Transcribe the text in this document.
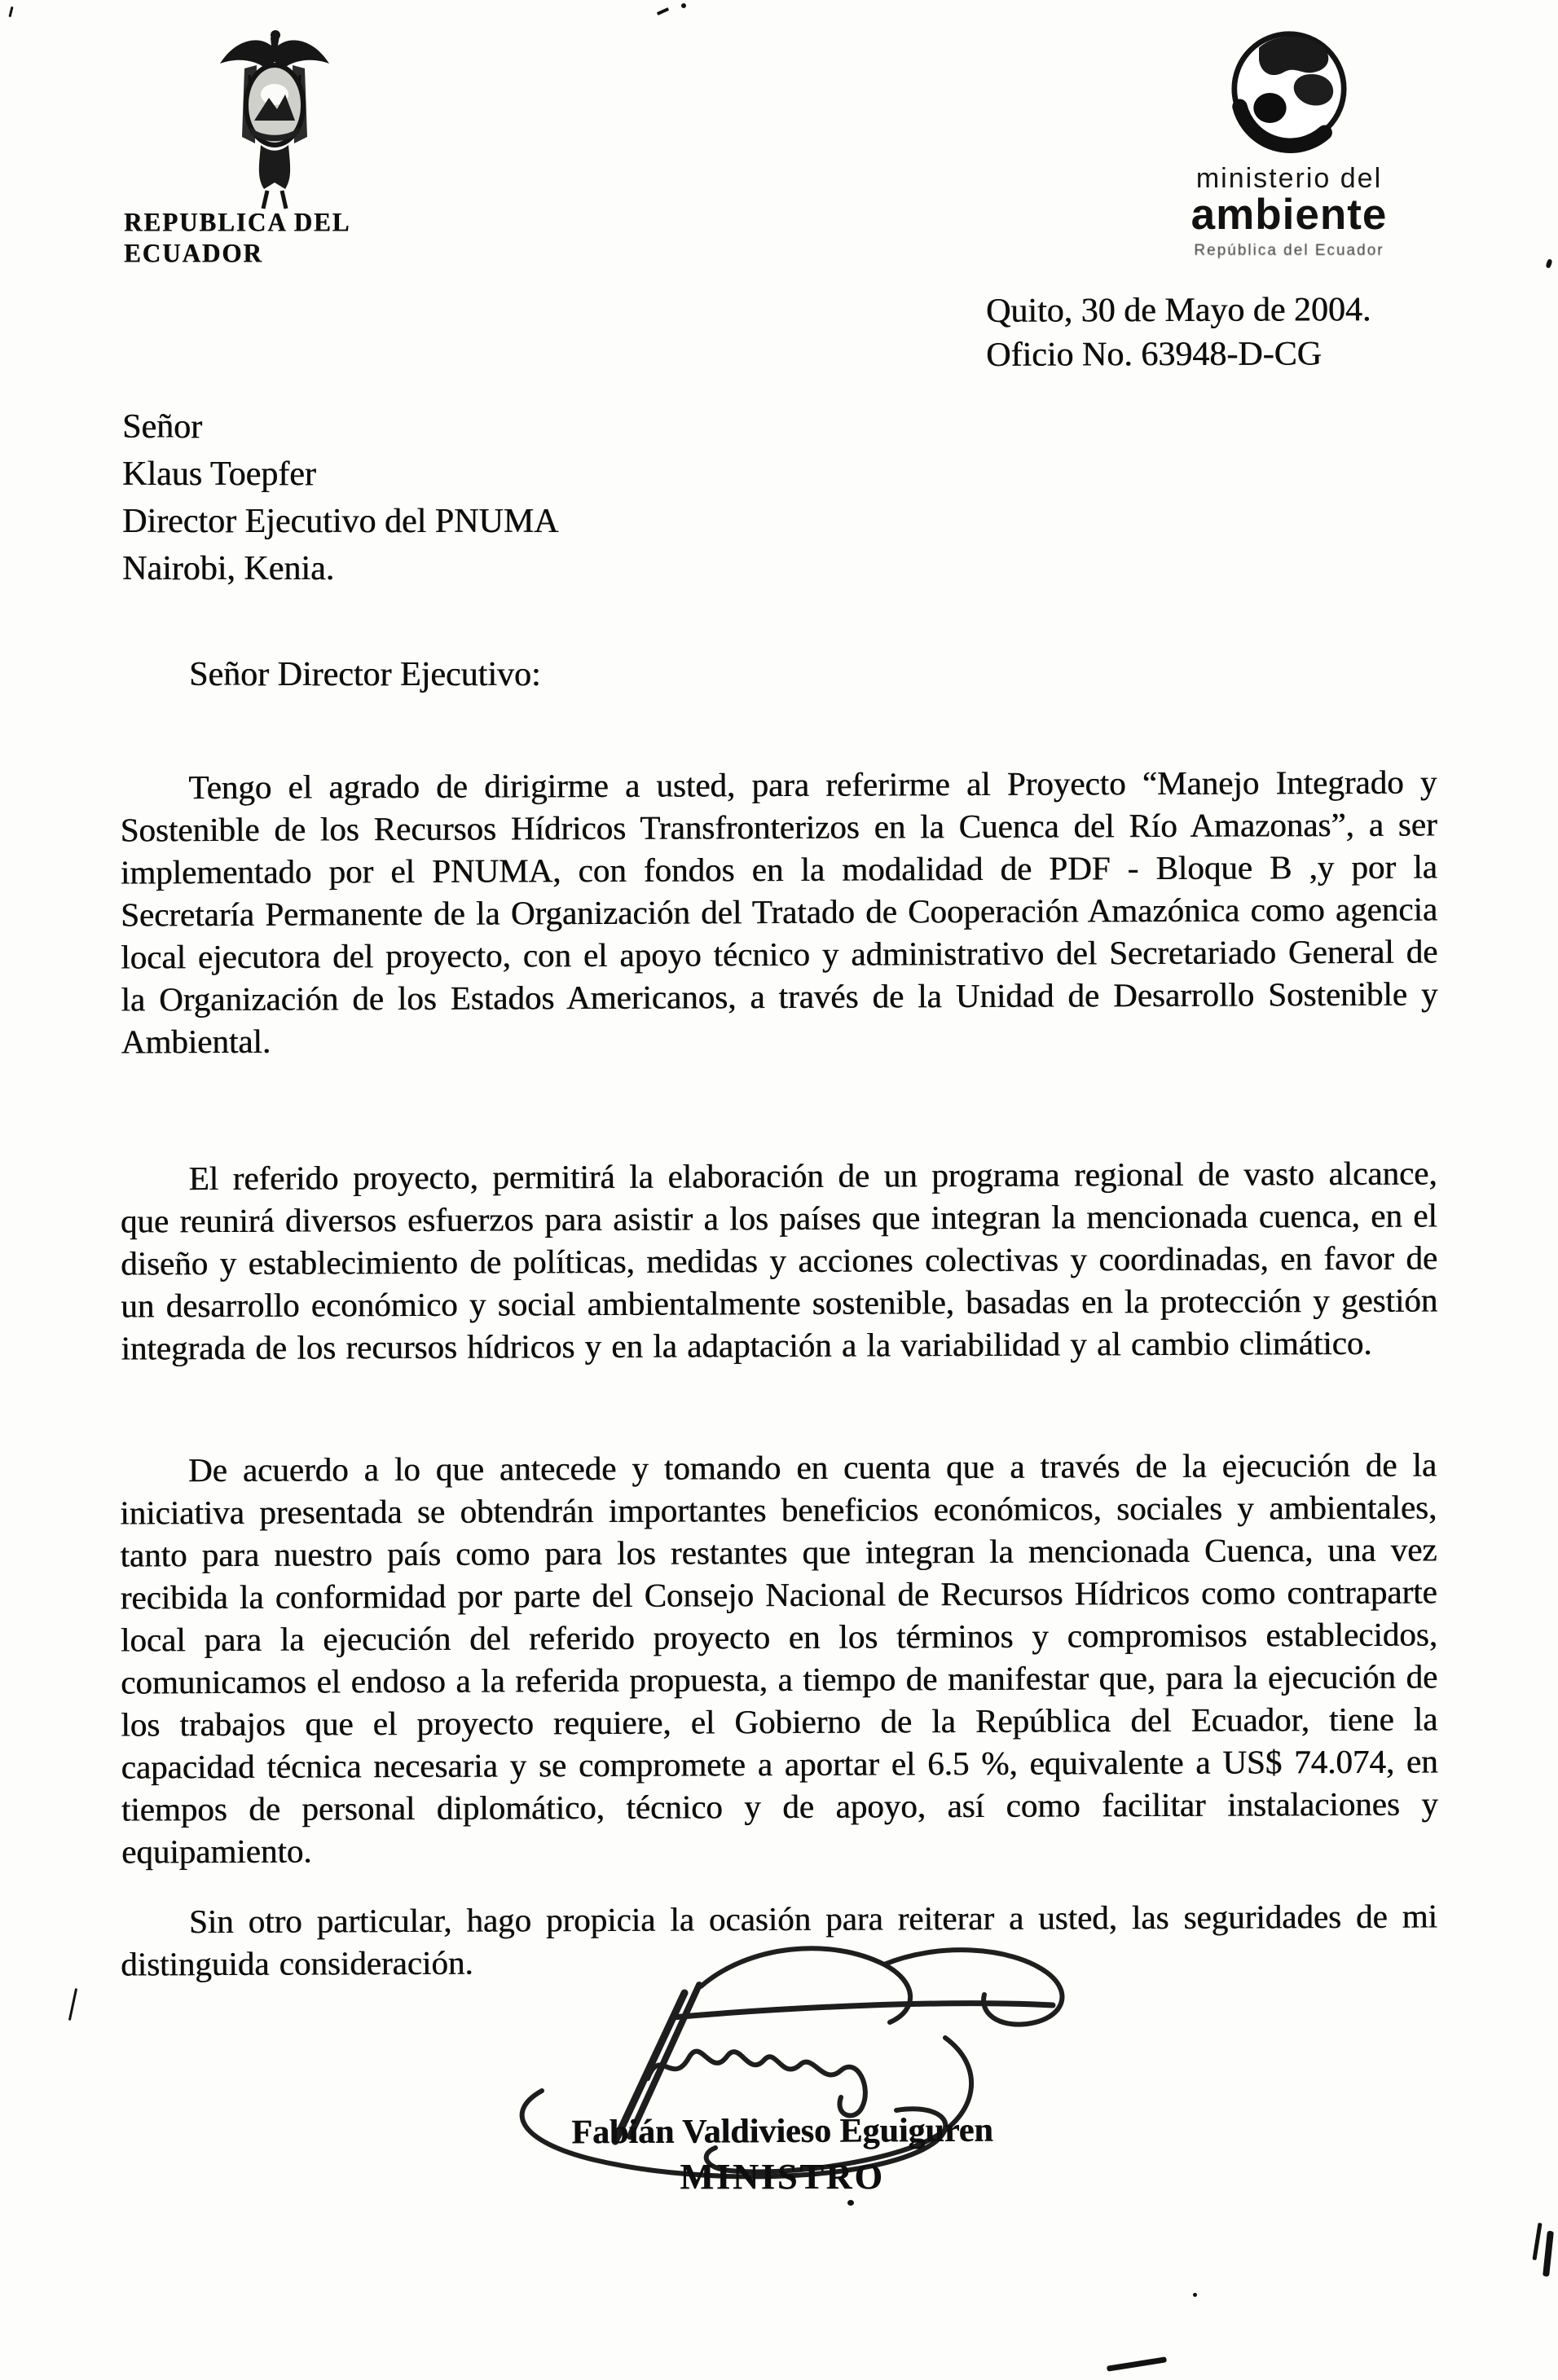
REPUBLICA DEL ECUADOR
ministerio del
ambiente
República del Ecuador
Quito, 30 de Mayo de 2004.
Oficio No. 63948-D-CG
Señor
Klaus Toepfer
Director Ejecutivo del PNUMA
Nairobi, Kenia.
Señor Director Ejecutivo:

Tengo el agrado de dirigirme a usted, para referirme al Proyecto “Manejo Integrado y Sostenible de los Recursos Hídricos Transfronterizos en la Cuenca del Río Amazonas”, a ser implementado por el PNUMA, con fondos en la modalidad de PDF - Bloque B ,y por la Secretaría Permanente de la Organización del Tratado de Cooperación Amazónica como agencia local ejecutora del proyecto, con el apoyo técnico y administrativo del Secretariado General de la Organización de los Estados Americanos, a través de la Unidad de Desarrollo Sostenible y Ambiental.

El referido proyecto, permitirá la elaboración de un programa regional de vasto alcance, que reunirá diversos esfuerzos para asistir a los países que integran la mencionada cuenca, en el diseño y establecimiento de políticas, medidas y acciones colectivas y coordinadas, en favor de un desarrollo económico y social ambientalmente sostenible, basadas en la protección y gestión integrada de los recursos hídricos y en la adaptación a la variabilidad y al cambio climático.

De acuerdo a lo que antecede y tomando en cuenta que a través de la ejecución de la iniciativa presentada se obtendrán importantes beneficios económicos, sociales y ambientales, tanto para nuestro país como para los restantes que integran la mencionada Cuenca, una vez recibida la conformidad por parte del Consejo Nacional de Recursos Hídricos como contraparte local para la ejecución del referido proyecto en los términos y compromisos establecidos, comunicamos el endoso a la referida propuesta, a tiempo de manifestar que, para la ejecución de los trabajos que el proyecto requiere, el Gobierno de la República del Ecuador, tiene la capacidad técnica necesaria y se compromete a aportar el 6.5 %, equivalente a US$ 74.074, en tiempos de personal diplomático, técnico y de apoyo, así como facilitar instalaciones y equipamiento.

Sin otro particular, hago propicia la ocasión para reiterar a usted, las seguridades de mi distinguida consideración.

Fabián Valdivieso Eguiguren
MINISTRO
